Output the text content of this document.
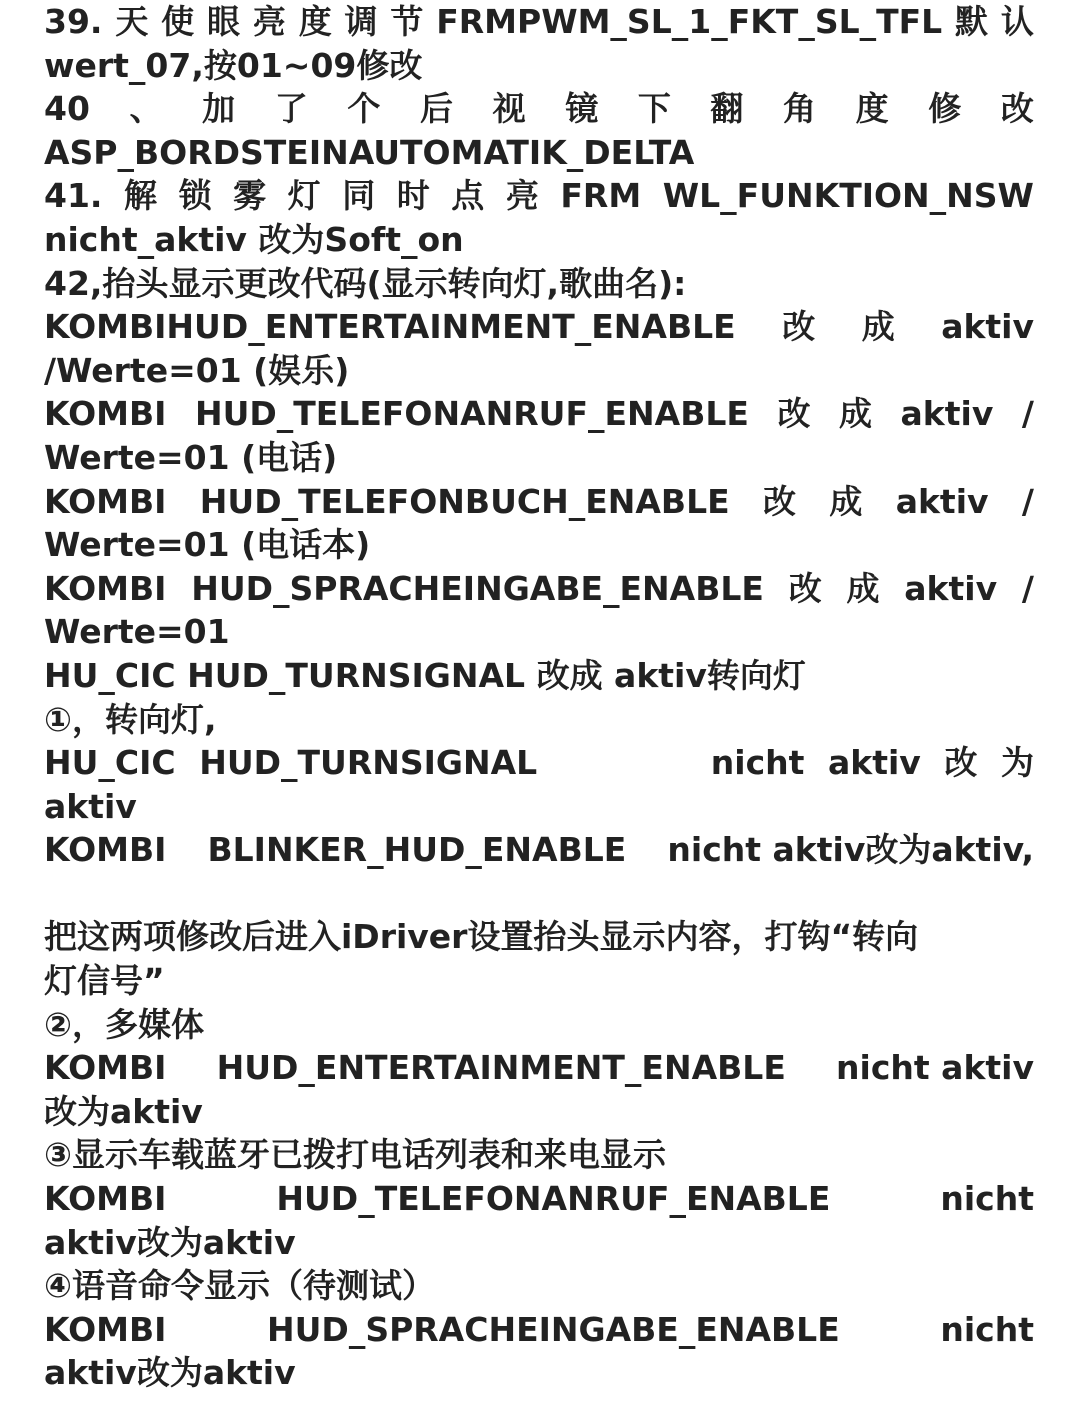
39. 天 使 眼 亮 度 调 节 FRMPWM_SL_1_FKT_SL_TFL 默 认
wert_07,按01~09修改
40 、 加 了 个 后 视 镜 下 翻 角 度 修 改
ASP_BORDSTEINAUTOMATIK_DELTA
41. 解 锁 雾 灯 同 时 点 亮 FRM WL_FUNKTION_NSW
nicht_aktiv 改为Soft_on
42,抬头显示更改代码(显示转向灯,歌曲名):
KOMBIHUD_ENTERTAINMENT_ENABLE 改 成 aktiv
/Werte=01 (娱乐)
KOMBI HUD_TELEFONANRUF_ENABLE 改 成 aktiv /
Werte=01 (电话)
KOMBI HUD_TELEFONBUCH_ENABLE 改 成 aktiv /
Werte=01 (电话本)
KOMBI HUD_SPRACHEINGABE_ENABLE 改 成 aktiv /
Werte=01
HU_CIC HUD_TURNSIGNAL 改成 aktiv转向灯
①，转向灯,
HU_CIC HUD_TURNSIGNAL	nicht aktiv 改 为
aktiv
KOMBI BLINKER_HUD_ENABLE nicht aktiv改为aktiv,
把这两项修改后进入iDriver设置抬头显示内容，打钩“转向
灯信号”
②，多媒体
KOMBI HUD_ENTERTAINMENT_ENABLE nicht aktiv
改为aktiv
③显示车载蓝牙已拨打电话列表和来电显示
KOMBI	HUD_TELEFONANRUF_ENABLE	nicht
aktiv改为aktiv
④语音命令显示（待测试）
KOMBI	HUD_SPRACHEINGABE_ENABLE	nicht
aktiv改为aktiv
